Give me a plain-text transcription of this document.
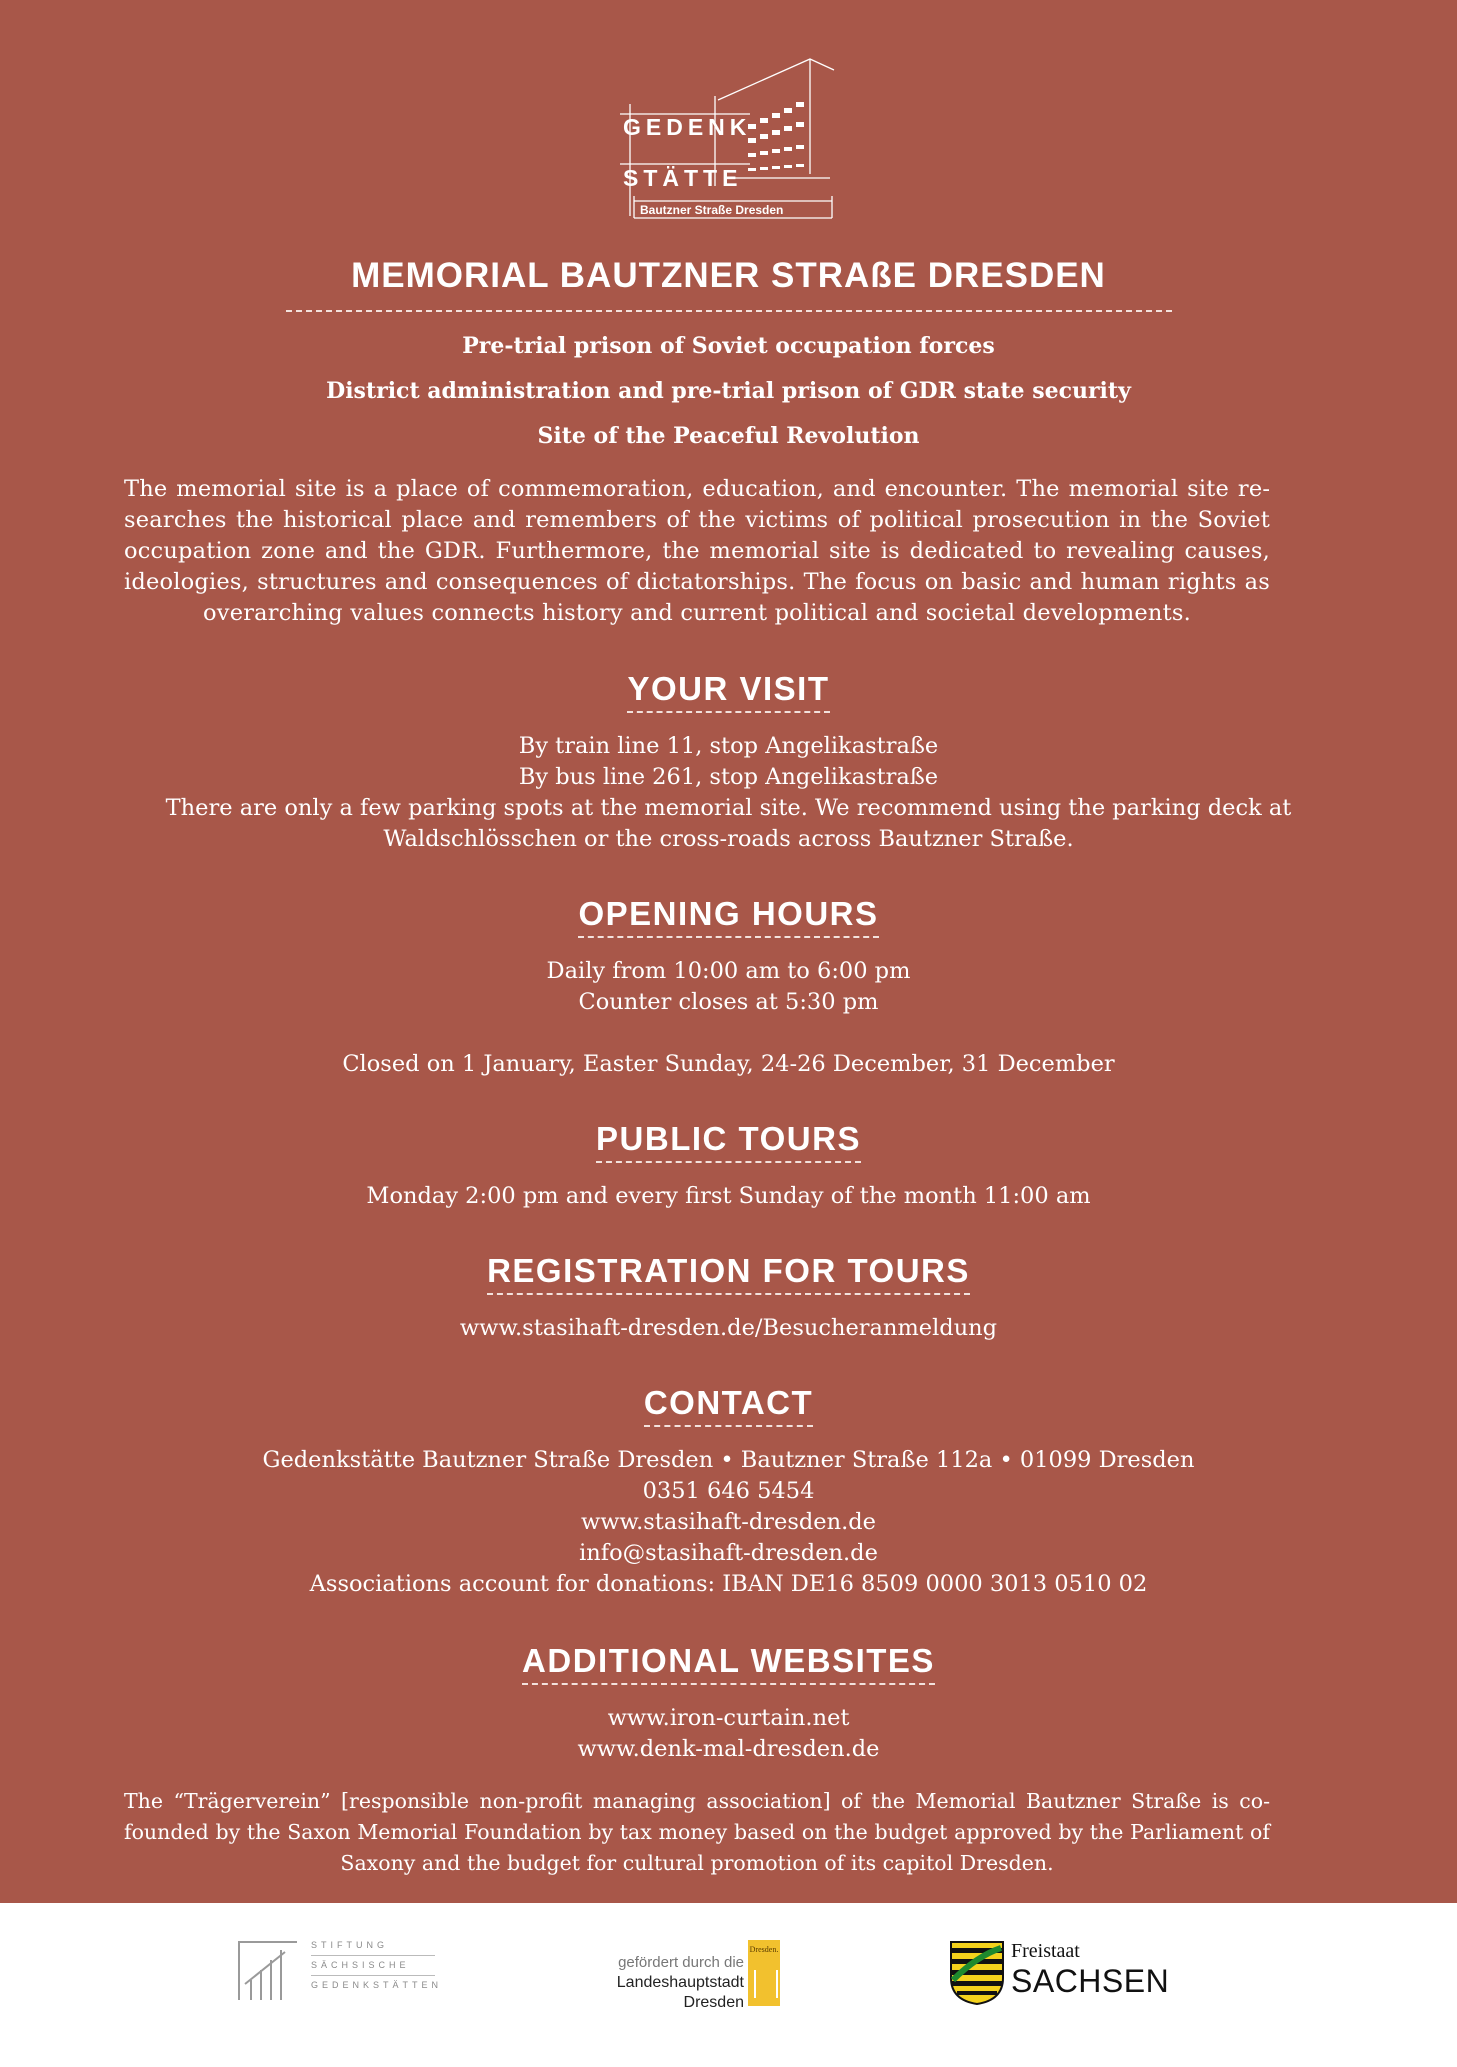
GEDENK
STÄTTE
Bautzner Straße Dresden
MEMORIAL BAUTZNER STRAßE DRESDEN
Pre-trial prison of Soviet occupation forces
District administration and pre-trial prison of GDR state security
Site of the Peaceful Revolution
The memorial site is a place of commemoration, education, and encounter. The memorial site researches the historical place and remembers of the victims of political prosecution in the Soviet occupation zone and the GDR. Furthermore, the memorial site is dedicated to revealing causes, ideologies, structures and consequences of dictatorships. The focus on basic and human rights as overarching values connects history and current political and societal developments.
YOUR VISIT
By train line 11, stop Angelikastraße
By bus line 261, stop Angelikastraße
There are only a few parking spots at the memorial site. We recommend using the parking deck at
Waldschlösschen or the cross-roads across Bautzner Straße.
OPENING HOURS
Daily from 10:00 am to 6:00 pm
Counter closes at 5:30 pm
Closed on 1 January, Easter Sunday, 24-26 December, 31 December
PUBLIC TOURS
Monday 2:00 pm and every first Sunday of the month 11:00 am
REGISTRATION FOR TOURS
www.stasihaft-dresden.de/Besucheranmeldung
CONTACT
Gedenkstätte Bautzner Straße Dresden • Bautzner Straße 112a • 01099 Dresden
0351 646 5454
www.stasihaft-dresden.de
info@stasihaft-dresden.de
Associations account for donations: IBAN DE16 8509 0000 3013 0510 02
ADDITIONAL WEBSITES
www.iron-curtain.net
www.denk-mal-dresden.de
The “Trägerverein” [responsible non-profit managing association] of the Memorial Bautzner Straße is cofounded by the Saxon Memorial Foundation by tax money based on the budget approved by the Parliament of Saxony and the budget for cultural promotion of its capitol Dresden.
STIFTUNG
SÄCHSISCHE
GEDENKSTÄTTEN
gefördert durch die
Landeshauptstadt
Dresden
Dresden.	Freistaat
SACHSEN
